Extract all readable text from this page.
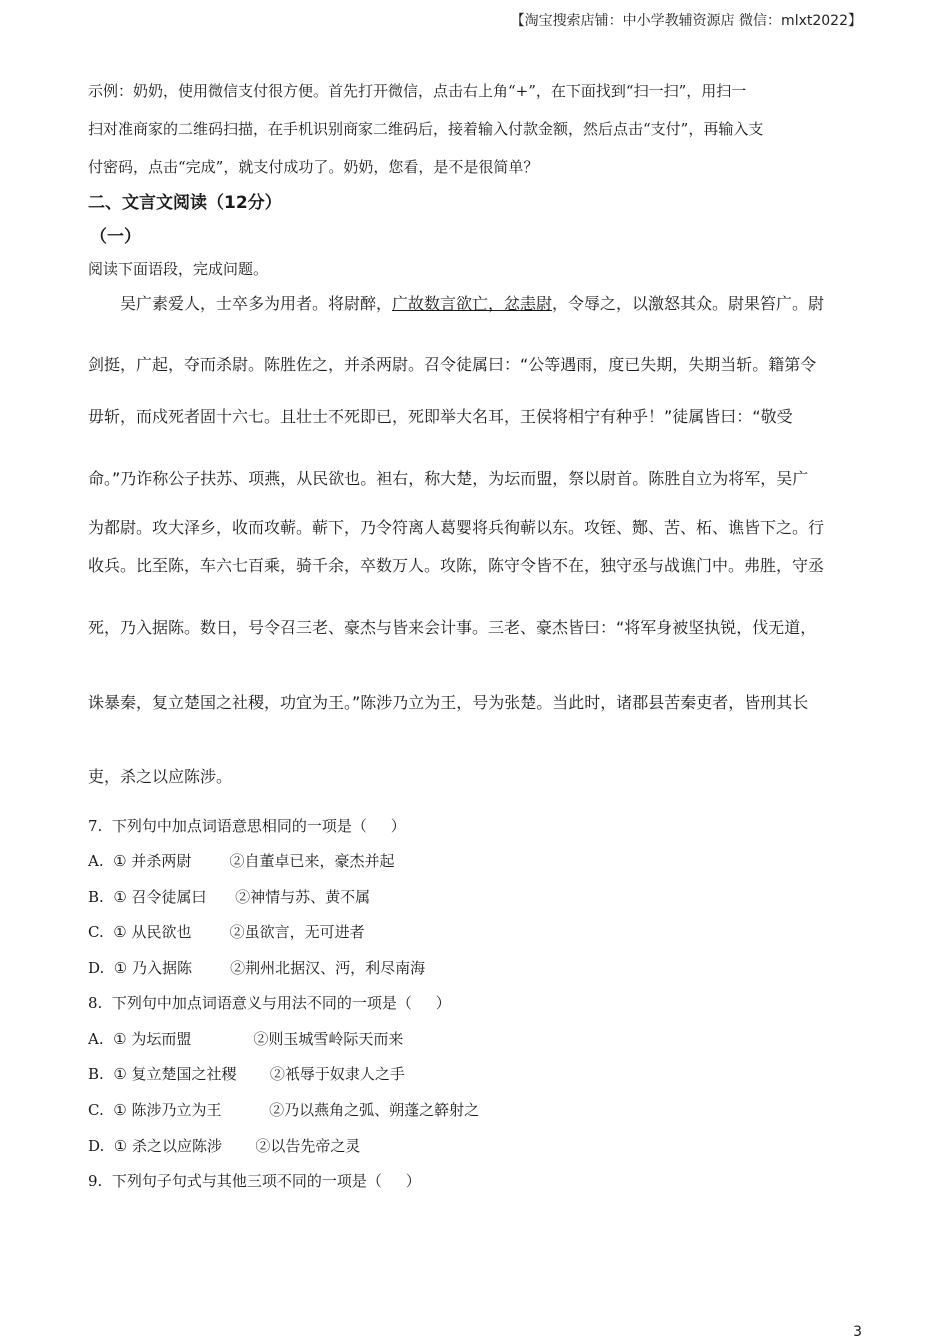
【淘宝搜索店铺：中小学教辅资源店 微信：mlxt2022】
示例：奶奶，使用微信支付很方便。首先打开微信，点击右上角“+”，在下面找到“扫一扫”，用扫一
扫对准商家的二维码扫描，在手机识别商家二维码后，接着输入付款金额，然后点击“支付”，再输入支
付密码，点击“完成”，就支付成功了。奶奶，您看，是不是很简单？
二、文言文阅读（12分）
（一）
阅读下面语段，完成问题。
吴广素爱人，士卒多为用者。将尉醉，广故数言欲亡，忿恚尉，令辱之，以激怒其众。尉果笞广。尉
剑挺，广起，夺而杀尉。陈胜佐之，并杀两尉。召令徒属曰：“公等遇雨，度已失期，失期当斩。籍第令
毋斩，而戍死者固十六七。且壮士不死即已，死即举大名耳，王侯将相宁有种乎！”徒属皆曰：“敬受
命。”乃诈称公子扶苏、项燕，从民欲也。袒右，称大楚，为坛而盟，祭以尉首。陈胜自立为将军，吴广
为都尉。攻大泽乡，收而攻蕲。蕲下，乃令符离人葛婴将兵徇蕲以东。攻铚、酂、苦、柘、谯皆下之。行
收兵。比至陈，车六七百乘，骑千余，卒数万人。攻陈，陈守令皆不在，独守丞与战谯门中。弗胜，守丞
死，乃入据陈。数日，号令召三老、豪杰与皆来会计事。三老、豪杰皆曰：“将军身被坚执锐，伐无道，
诛暴秦，复立楚国之社稷，功宜为王。”陈涉乃立为王，号为张楚。当此时，诸郡县苦秦吏者，皆刑其长
吏，杀之以应陈涉。
7.  下列句中加点词语意思相同的一项是（     ）
A.  ① 并杀两尉        ②自董卓已来，豪杰并起
B.  ① 召令徒属曰      ②神情与苏、黄不属
C.  ① 从民欲也        ②虽欲言，无可进者
D.  ① 乃入据陈        ②荆州北据汉、沔，利尽南海
8.  下列句中加点词语意义与用法不同的一项是（     ）
A.  ① 为坛而盟             ②则玉城雪岭际天而来
B.  ① 复立楚国之社稷       ②衹辱于奴隶人之手
C.  ① 陈涉乃立为王          ②乃以燕角之弧、朔蓬之簳射之
D.  ① 杀之以应陈涉       ②以告先帝之灵
9.  下列句子句式与其他三项不同的一项是（     ）
3
